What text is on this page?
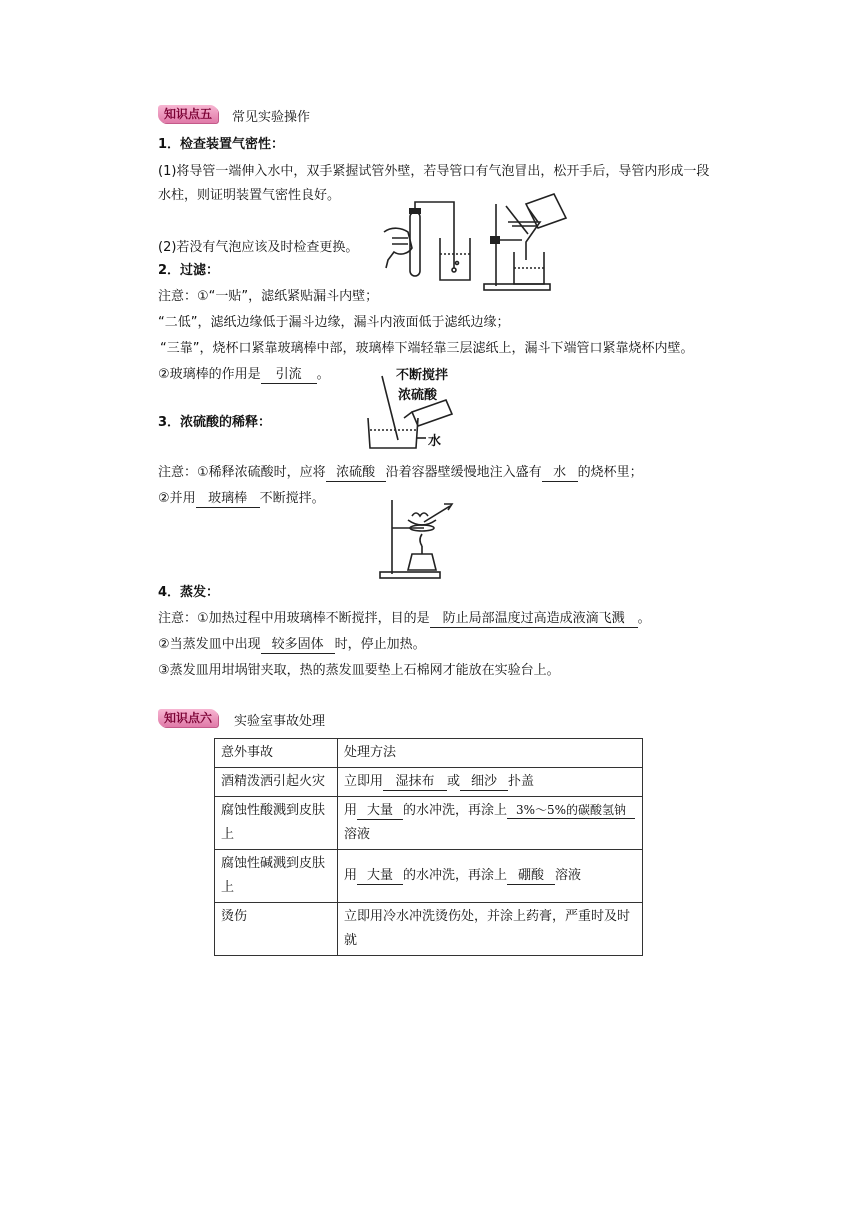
知识点五	常见实验操作
1．检查装置气密性：
(1)将导管一端伸入水中，双手紧握试管外壁，若导管口有气泡冒出，松开手后，导管内形成一段
水柱，则证明装置气密性良好。
(2)若没有气泡应该及时检查更换。
2．过滤：
注意：①“一贴”，滤纸紧贴漏斗内壁；
“二低”，滤纸边缘低于漏斗边缘，漏斗内液面低于滤纸边缘；
“三靠”，烧杯口紧靠玻璃棒中部，玻璃棒下端轻靠三层滤纸上，漏斗下端管口紧靠烧杯内壁。
②玻璃棒的作用是 引流 。	不断搅拌
浓硫酸
水
3．浓硫酸的稀释：
注意：①稀释浓硫酸时，应将 浓硫酸 沿着容器壁缓慢地注入盛有 水 的烧杯里；
②并用 玻璃棒 不断搅拌。
4．蒸发：
注意：①加热过程中用玻璃棒不断搅拌，目的是 防止局部温度过高造成液滴飞溅 。
②当蒸发皿中出现 较多固体 时，停止加热。
③蒸发皿用坩埚钳夹取，热的蒸发皿要垫上石棉网才能放在实验台上。
知识点六	实验室事故处理
意外事故	处理方法
酒精泼洒引起火灾	立即用 湿抹布 或 细沙 扑盖
腐蚀性酸溅到皮肤上	用 大量 的水冲洗，再涂上 3%～5%的碳酸氢钠
溶液
腐蚀性碱溅到皮肤上	用 大量 的水冲洗，再涂上 硼酸 溶液
烫伤	立即用冷水冲洗烫伤处，并涂上药膏，严重时及时就
